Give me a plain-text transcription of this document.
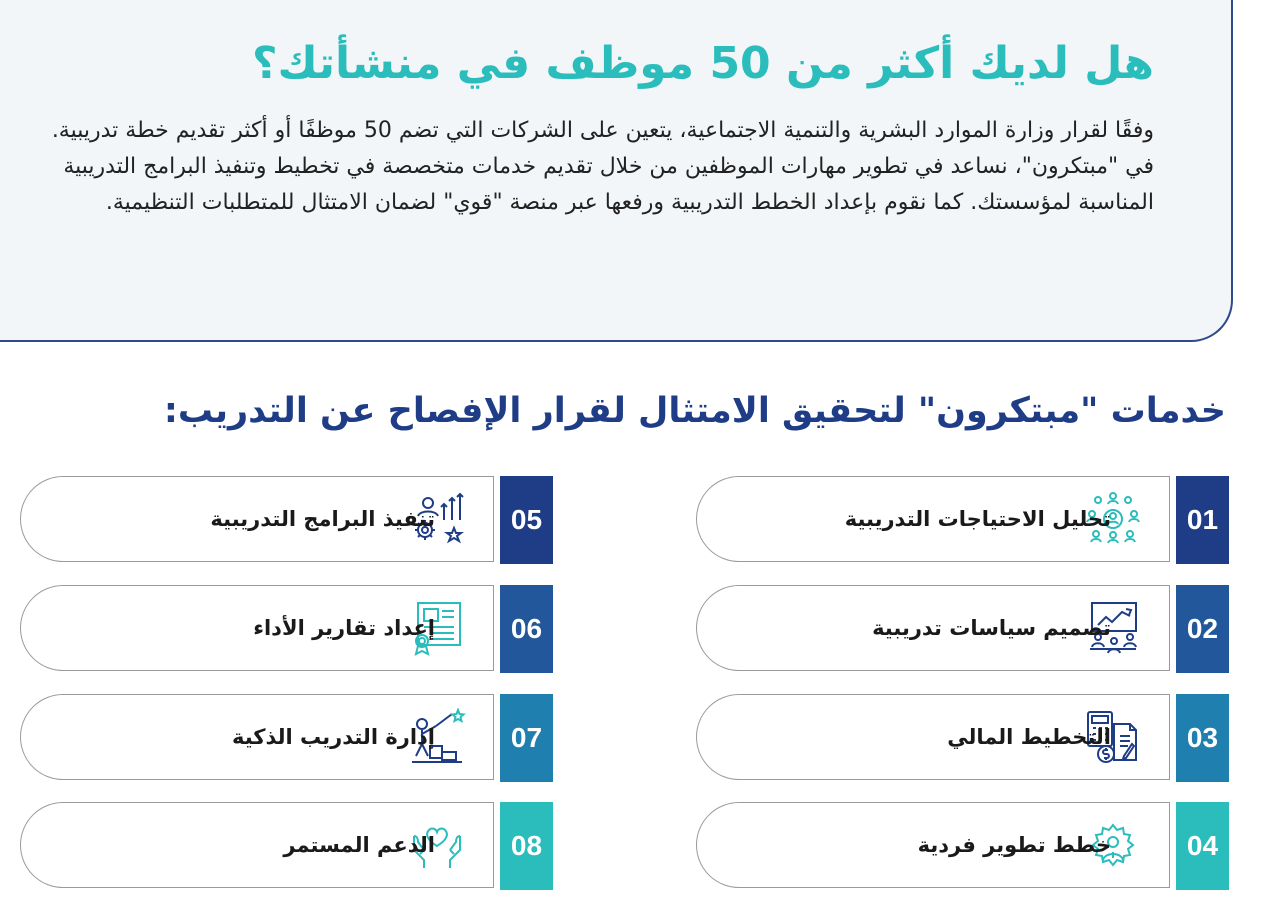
هل لديك أكثر من 50 موظف في منشأتك؟

وفقًا لقرار وزارة الموارد البشرية والتنمية الاجتماعية، يتعين على الشركات التي تضم 50 موظفًا أو أكثر تقديم خطة تدريبية.

في "مبتكرون"، نساعد في تطوير مهارات الموظفين من خلال تقديم خدمات متخصصة في تخطيط وتنفيذ البرامج التدريبية المناسبة لمؤسستك. كما نقوم بإعداد الخطط التدريبية ورفعها عبر منصة "قوي" لضمان الامتثال للمتطلبات التنظيمية.

خدمات "مبتكرون" لتحقيق الامتثال لقرار الإفصاح عن التدريب:
تحليل الاحتياجات التدريبية	01
تصميم سياسات تدريبية	02
التخطيط المالي	03
خطط تطوير فردية	04
تنفيذ البرامج التدريبية	05
إعداد تقارير الأداء	06
إدارة التدريب الذكية	07
الدعم المستمر	08
